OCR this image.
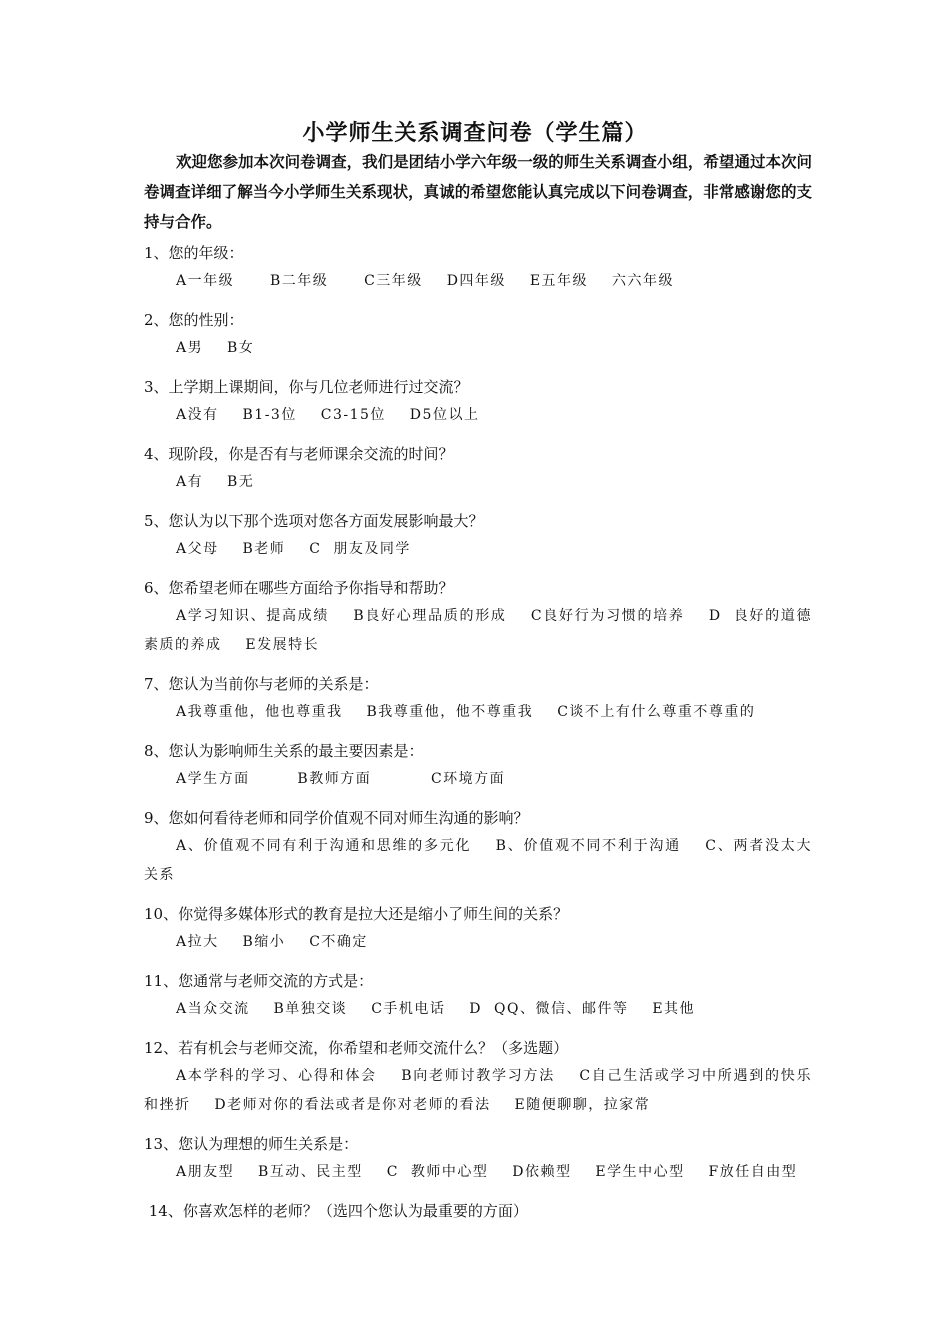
小学师生关系调查问卷（学生篇）
欢迎您参加本次问卷调查，我们是团结小学六年级一级的师生关系调查小组，希望通过本次问卷调查详细了解当今小学师生关系现状，真诚的希望您能认真完成以下问卷调查，非常感谢您的支持与合作。
1、您的年级：
A一年级   B二年级   C三年级  D四年级  E五年级  六六年级
2、您的性别：
A男  B女
3、上学期上课期间，你与几位老师进行过交流？
A没有  B1-3位  C3-15位  D5位以上
4、现阶段，你是否有与老师课余交流的时间？
A有  B无
5、您认为以下那个选项对您各方面发展影响最大？
A父母  B老师  C 朋友及同学
6、您希望老师在哪些方面给予你指导和帮助？
A学习知识、提高成绩  B良好心理品质的形成  C良好行为习惯的培养  D 良好的道德素质的养成  E发展特长
7、您认为当前你与老师的关系是：
A我尊重他，他也尊重我  B我尊重他，他不尊重我  C谈不上有什么尊重不尊重的
8、您认为影响师生关系的最主要因素是：
A学生方面    B教师方面     C环境方面
9、您如何看待老师和同学价值观不同对师生沟通的影响？
A、价值观不同有利于沟通和思维的多元化  B、价值观不同不利于沟通  C、两者没太大关系
10、你觉得多媒体形式的教育是拉大还是缩小了师生间的关系？
A拉大  B缩小  C不确定
11、您通常与老师交流的方式是：
A当众交流  B单独交谈  C手机电话  D QQ、微信、邮件等  E其他
12、若有机会与老师交流，你希望和老师交流什么？（多选题）
A本学科的学习、心得和体会  B向老师讨教学习方法  C自己生活或学习中所遇到的快乐和挫折  D老师对你的看法或者是你对老师的看法  E随便聊聊，拉家常
13、您认为理想的师生关系是：
A朋友型  B互动、民主型  C 教师中心型  D依赖型  E学生中心型  F放任自由型
14、你喜欢怎样的老师？（选四个您认为最重要的方面）
